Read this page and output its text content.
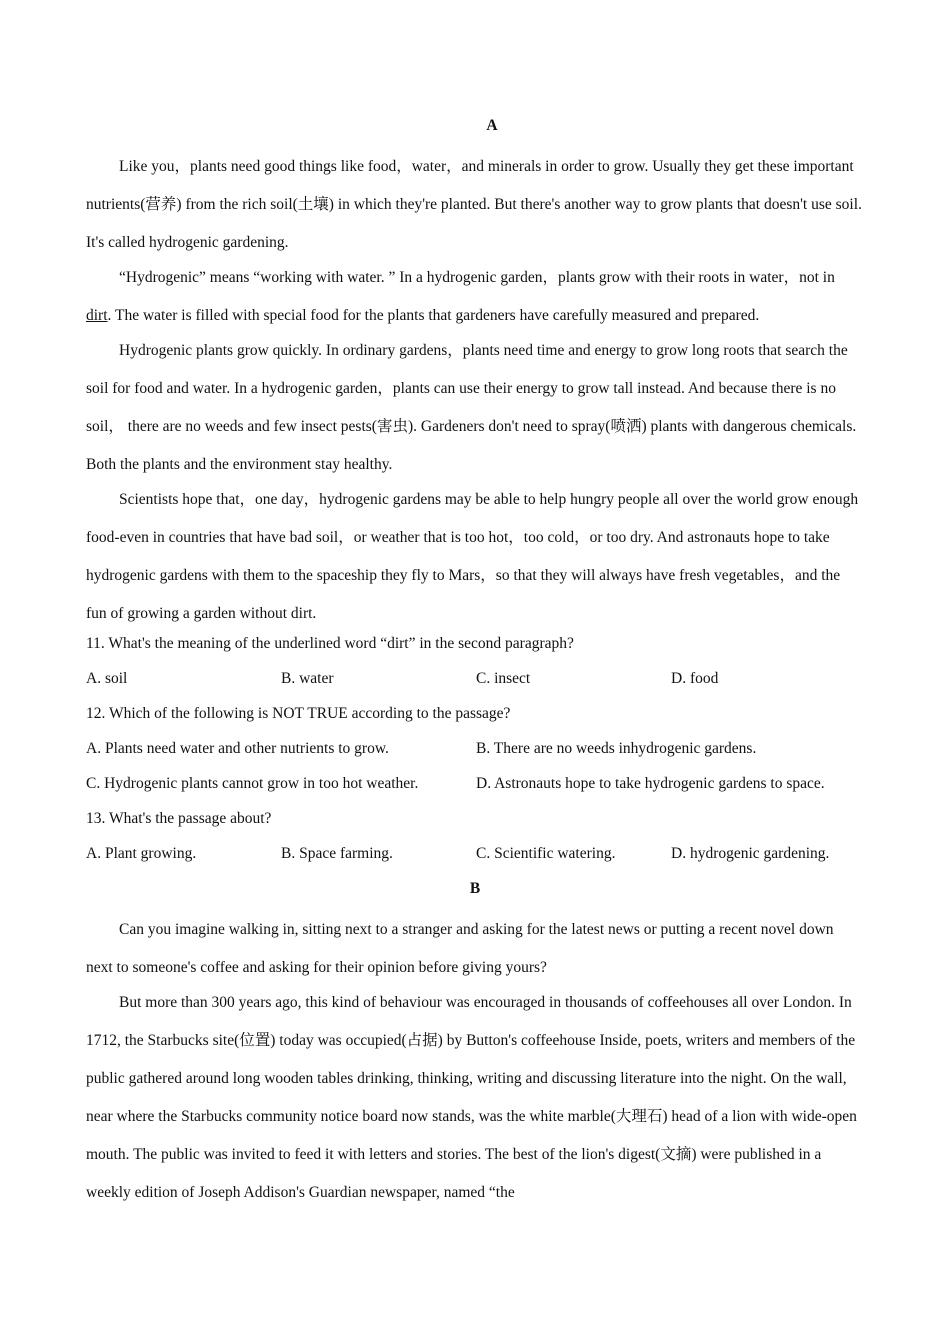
A

Like you，plants need good things like food，water，and minerals in order to grow. Usually they get these important nutrients(营养) from the rich soil(土壤) in which they're planted. But there's another way to grow plants that doesn't use soil. It's called hydrogenic gardening.

“Hydrogenic” means “working with water. ” In a hydrogenic garden，plants grow with their roots in water，not in dirt. The water is filled with special food for the plants that gardeners have carefully measured and prepared.

Hydrogenic plants grow quickly. In ordinary gardens，plants need time and energy to grow long roots that search the soil for food and water. In a hydrogenic garden，plants can use their energy to grow tall instead. And because there is no soil， there are no weeds and few insect pests(害虫). Gardeners don't need to spray(喷洒) plants with dangerous chemicals. Both the plants and the environment stay healthy.

Scientists hope that，one day，hydrogenic gardens may be able to help hungry people all over the world grow enough food-even in countries that have bad soil，or weather that is too hot，too cold，or too dry. And astronauts hope to take hydrogenic gardens with them to the spaceship they fly to Mars，so that they will always have fresh vegetables，and the fun of growing a garden without dirt.

11. What's the meaning of the underlined word “dirt” in the second paragraph?
A. soil	B. water	C. insect	D. food
12. Which of the following is NOT TRUE according to the passage?
A. Plants need water and other nutrients to grow.	B. There are no weeds inhydrogenic gardens.
C. Hydrogenic plants cannot grow in too hot weather.	D. Astronauts hope to take hydrogenic gardens to space.
13. What's the passage about?
A. Plant growing.	B. Space farming.	C. Scientific watering.	D. hydrogenic gardening.
B

Can you imagine walking in, sitting next to a stranger and asking for the latest news or putting a recent novel down next to someone's coffee and asking for their opinion before giving yours?

But more than 300 years ago, this kind of behaviour was encouraged in thousands of coffeehouses all over London. In 1712, the Starbucks site(位置) today was occupied(占据) by Button's coffeehouse Inside, poets, writers and members of the public gathered around long wooden tables drinking, thinking, writing and discussing literature into the night. On the wall, near where the Starbucks community notice board now stands, was the white marble(大理石) head of a lion with wide-open mouth. The public was invited to feed it with letters and stories. The best of the lion's digest(文摘) were published in a weekly edition of Joseph Addison's Guardian newspaper, named “the
